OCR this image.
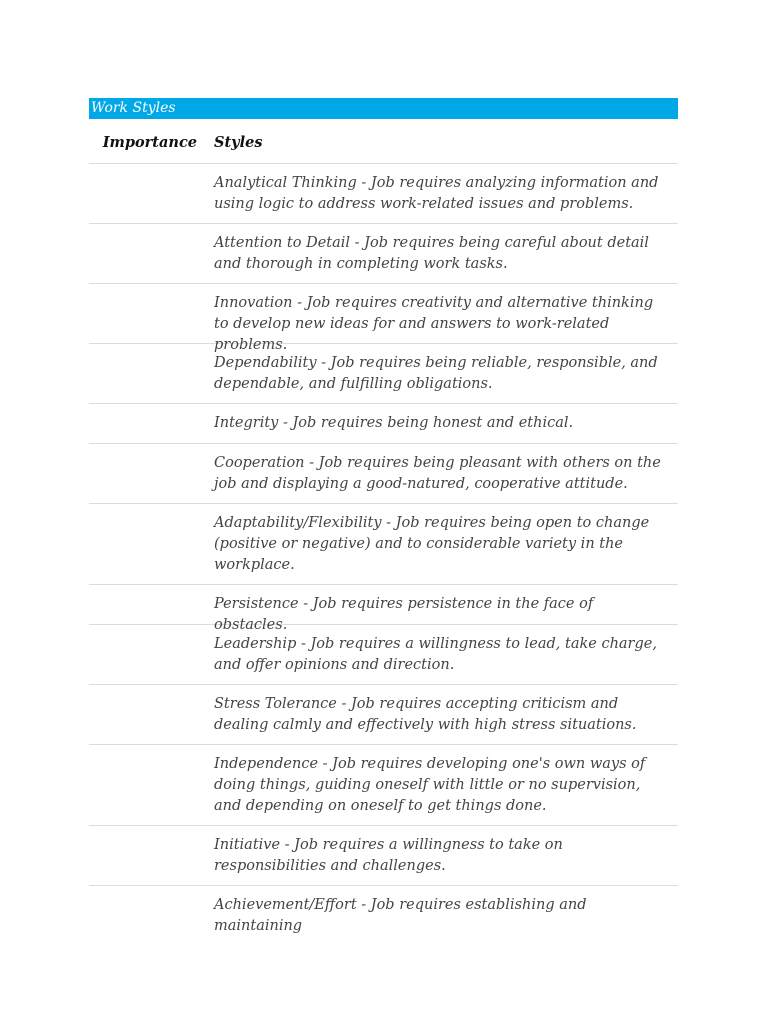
Work Styles
Importance	Styles
Analytical Thinking - Job requires analyzing information and using logic to address work-related issues and problems.
Attention to Detail - Job requires being careful about detail and thorough in completing work tasks.
Innovation - Job requires creativity and alternative thinking to develop new ideas for and answers to work-related problems.
Dependability - Job requires being reliable, responsible, and dependable, and fulfilling obligations.
Integrity - Job requires being honest and ethical.
Cooperation - Job requires being pleasant with others on the job and displaying a good-natured, cooperative attitude.
Adaptability/Flexibility - Job requires being open to change (positive or negative) and to considerable variety in the workplace.
Persistence - Job requires persistence in the face of obstacles.
Leadership - Job requires a willingness to lead, take charge, and offer opinions and direction.
Stress Tolerance - Job requires accepting criticism and dealing calmly and effectively with high stress situations.
Independence - Job requires developing one's own ways of doing things, guiding oneself with little or no supervision, and depending on oneself to get things done.
Initiative - Job requires a willingness to take on responsibilities and challenges.
Achievement/Effort - Job requires establishing and maintaining
